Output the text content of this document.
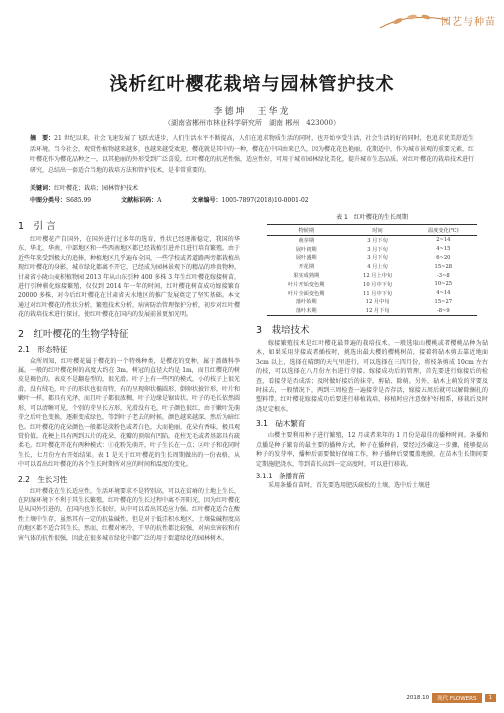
园艺与种苗
浅析红叶樱花栽培与园林管护技术
李德坤　王华龙
（湖南省郴州市林业科学研究所　湖南 郴州　423000）
摘　要：21 世纪以来，社会飞速发展了飞跃式进步，人们生活水平不断提高，人们在追求物质生活的同时，也开始享受生活，社会生活的好的同时，也追求优美舒适生活环境。当今社会，观赏性植物越来越多，也越来越受欢迎，樱花就是其中的一种，樱花在中国由来已久，因为樱花花色艳丽，花期适中，作为城市景观的重要元素，红叶樱花作为樱花品种之一，以其艳丽的外形受到广泛喜爱，红叶樱花的抗逆性强，适应性好，可用于城市园林绿化美化，提升城市生态品质。对红叶樱花的栽培技术进行研究，总结出一套适合当地的栽培方法和管护技术，是非常重要的。
关键词：红叶樱花；栽培；园林管护技术
中图分类号：S685.99	文献标识码：A	文章编号：1005-7897(2018)10-0001-02
1　引 言

红叶樱花产自国外，在国外进行过多年的选育，性状已经逐渐稳定，我国的华东、华北、华南、中部地区和一些西南地区都已经栽植引进并且进行培育繁殖。由于近些年来受到极大的追捧，种植地区几乎遍布全国，一些学校或者道路两旁都栽植出现红叶樱花的身影，城市绿化都离不开它，已经成为园林景观下的精品的珍贵物种。甘肃省小陇山麦积植物园 2013 年从山东引种 400 多株 3 年生红叶樱花嫁接树苗，进行引种驯化嫁接繁殖，仅仅到 2014 年一年的时间，红叶樱花树苗成功嫁接繁育 20000 多株，对今后红叶樱花在甘肃省天水地区的推广发展奠定了坚实基础。本文通过对红叶樱花的性状分析，繁殖技术分析，病害防治管理保护分析，初步对红叶樱花的栽培技术进行探讨，使红叶樱花在国内的发展前景更加光明。

2　红叶樱花的生物学特征
2.1　形态特征

众所周知，红叶樱花属于樱花的一个特殊种类，是樱花的变种，属于蔷薇科李属。一般的红叶樱花树的高度大约在 3m，树冠的直径大约是 1m，而且红樱花的树皮是褐色的，表皮不是翻卷型的，很光滑。叶子上有一些凹的模式，小的枝子上很光滑，没有绒毛，叶子的形状也很奇特，有的呈现卵状椭圆形、倒卵状披针形，叶片和嫩叶一样，都具有光泽，而且叶子都很浓稠，叶子边缘是锯齿状。叶子的毛长依然圆形，可以清晰可见，个别的芽呈长方形，光滑没有毛，叶子颜色很红，由于嫩叶先萌芽之后叶色变换，逐渐变成绿色，等到叶子老去的时候，颜色越来越深，然后为暗红色。红叶樱花的花朵颜色一般都是淡粉色或者白色，大而艳丽，花朵有香味，极具观赏价值。花梗上具有两到五片的花朵，花瓣的顶端有凹陷，花柱无毛或者基部具有疏柔毛。红叶樱花开花有两种模式：①花粉先萌开，叶子生长在一点；②叶子和花同时生长，七月份左右开始结果。表 1 是关于红叶樱花的生长周期做出的一份表格，从中可以看出红叶樱花的各个生长时期所对应的时间和温度的变化。

2.2　生长习性

红叶樱花在生长适应性，生活环境要求不是特别高，可以在贫瘠的土地上生长，在阴湿环境下不利于其生长繁殖，红叶樱花的生长过程中离不开阳光，因为红叶樱花是从国外引进的，在国内也生长很好，从中可以看出其适应力强。红叶樱花适合在酸性土壤中生存，虽然其有一定的抗盐碱性，但是对于低洼积水地区，土壤盐碱程度高的地区都不适合其生长，然而，红樱对寒冷，干旱的抗性都比较强，对病虫害较和有害气体的抗性很强，因此在很多城市绿化中都广泛的用于街道绿化的园林树木。

表 1　红叶樱花的生长周期
物候期	时间	温度变化(℃)
萌芽期	3 月下旬	2~14
展叶初期	3 月下旬	4~15
展叶盛期	3 月下旬	6~20
开花期	4 月上旬	15~28
果实成熟期	12 月上中旬	-3~8
叶片开始变色期	10 月中下旬	10~25
叶片全面变色期	11 月中下旬	4~14
落叶始期	12 月中旬	15~27
落叶末期	12 月下旬	-8~9
3　栽培技术

嫁接繁殖技术是红叶樱花最普遍的栽培技术。一般选取山樱桃或者樱桃品种为砧木，如果采用芽接或者插枝时，挑选出最大樱的樱桃树苗，接着将砧木剪去靠近地面 3cm 以上，选择在晴朗的天气里进行，可以选择在三四月份，将枝条剪成 10cm 左右的枝，可以选择在八月份左右进行芽接。嫁接成功后的管理，首先要进行嫁接后的检查，看接芽是否成活；及时做好接后的抹芽，剪砧、除萌。另外，砧木上萌发的芽要及时抹去，一般情况下，两到三周检查一遍接芽是否存活，嫁接五周后就可以解除捆扎的塑料带。红叶樱花嫁接成功后要进行移植栽培，移植时应注意保护好根系，移栽后及时浇足定根水。

3.1　砧木繁育

山樱主要利用种子进行繁殖，12 月或者来年的 1 月份是最佳的播种时间。条播和点播是种子繁育的最主要的播种方式，种子在播种前，要经过沙藏这一步骤，能够提高种子的发芽率，播种后需要做好保墒工作，种子播种后要覆盖地膜，在苗木生长期间要定期施肥浇水，等到苗长高到一定高度时，可以进行移栽。

3.1.1　条播育苗

采用条播育苗时，首先要选用肥沃疏松的土壤，选中后土壤进

2018.10	现代 FLOWERS	1
